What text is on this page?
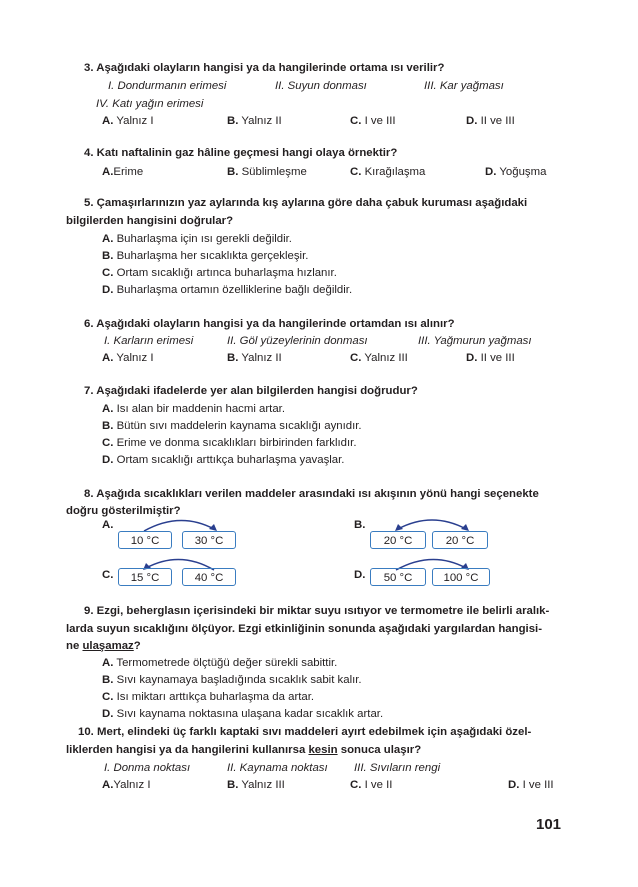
3. Aşağıdaki olayların hangisi ya da hangilerinde ortama ısı verilir?
I. Dondurmanın erimesi	II. Suyun donması	III. Kar yağması
IV. Katı yağın erimesi
A. Yalnız I	B. Yalnız II	C. I ve III	D. II ve III
4. Katı naftalinin gaz hâline geçmesi hangi olaya örnektir?
A.Erime	B. Süblimleşme	C. Kırağılaşma	D. Yoğuşma
5. Çamaşırlarınızın yaz aylarında kış aylarına göre daha çabuk kuruması aşağıdaki
bilgilerden hangisini doğrular?
A. Buharlaşma için ısı gerekli değildir.
B. Buharlaşma her sıcaklıkta gerçekleşir.
C. Ortam sıcaklığı artınca buharlaşma hızlanır.
D. Buharlaşma ortamın özelliklerine bağlı değildir.
6. Aşağıdaki olayların hangisi ya da hangilerinde ortamdan ısı alınır?
I. Karların erimesi	II. Göl yüzeylerinin donması	III. Yağmurun yağması
A. Yalnız I	B. Yalnız II	C. Yalnız III	D. II ve III
7. Aşağıdaki ifadelerde yer alan bilgilerden hangisi doğrudur?
A. Isı alan bir maddenin hacmi artar.
B. Bütün sıvı maddelerin kaynama sıcaklığı aynıdır.
C. Erime ve donma sıcaklıkları birbirinden farklıdır.
D. Ortam sıcaklığı arttıkça buharlaşma yavaşlar.
8. Aşağıda sıcaklıkları verilen maddeler arasındaki ısı akışının yönü hangi seçenekte
doğru gösterilmiştir?
A.
10 °C	30 °C
B.
20 °C	20 °C
C.	15 °C	40 °C	D.	50 °C	100 °C
9. Ezgi, beherglasın içerisindeki bir miktar suyu ısıtıyor ve termometre ile belirli aralık-
larda suyun sıcaklığını ölçüyor. Ezgi etkinliğinin sonunda aşağıdaki yargılardan hangisi-
ne ulaşamaz?
A. Termometrede ölçtüğü değer sürekli sabittir.
B. Sıvı kaynamaya başladığında sıcaklık sabit kalır.
C. Isı miktarı arttıkça buharlaşma da artar.
D. Sıvı kaynama noktasına ulaşana kadar sıcaklık artar.
10. Mert, elindeki üç farklı kaptaki sıvı maddeleri ayırt edebilmek için aşağıdaki özel-
liklerden hangisi ya da hangilerini kullanırsa kesin sonuca ulaşır?
I. Donma noktası	II. Kaynama noktası III. Sıvıların rengi
A.Yalnız I	B. Yalnız III	C. I ve II	D. I ve III
101
